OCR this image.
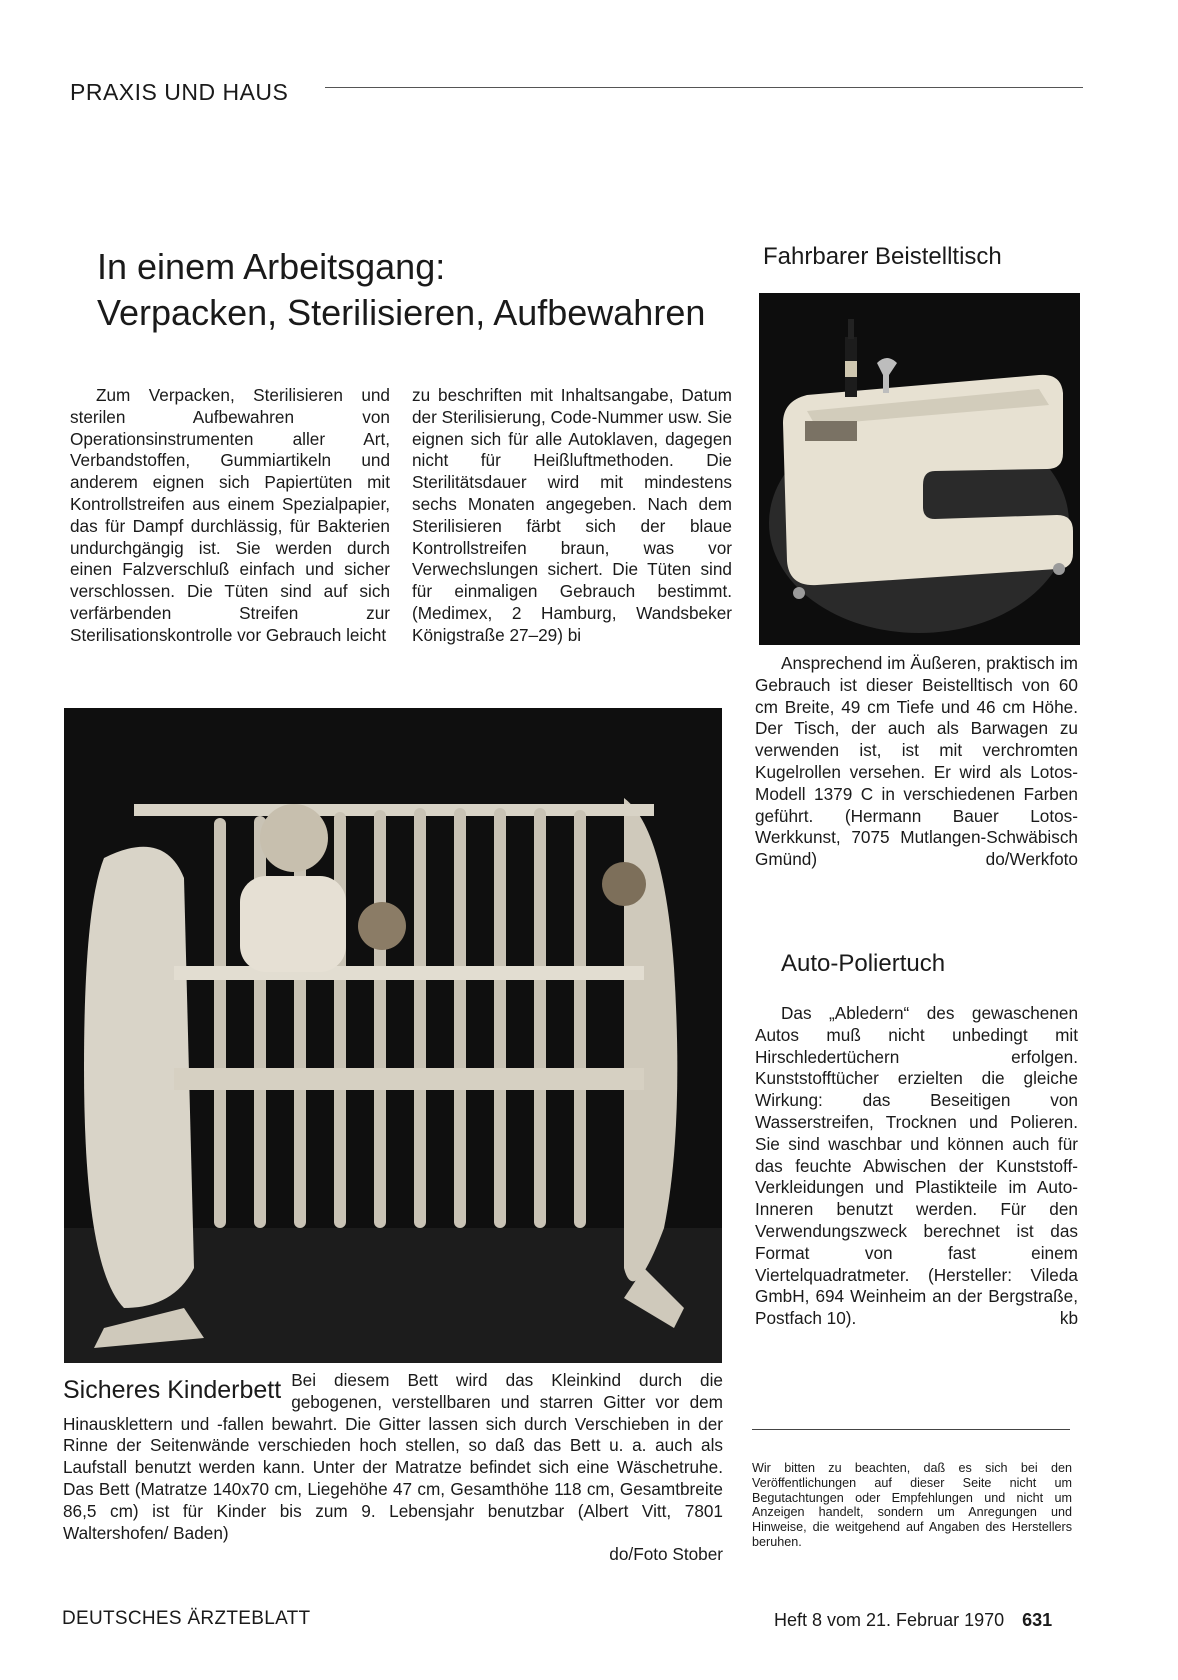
PRAXIS UND HAUS
In einem Arbeitsgang:
Verpacken, Sterilisieren, Aufbewahren
Zum Verpacken, Sterilisieren und sterilen Aufbewahren von Operationsinstrumenten aller Art, Verbandstoffen, Gummiartikeln und anderem eignen sich Papiertüten mit Kontrollstreifen aus einem Spezialpapier, das für Dampf durchlässig, für Bakterien undurchgängig ist. Sie werden durch einen Falzverschluß einfach und sicher verschlossen. Die Tüten sind auf sich verfärbenden Streifen zur Sterilisationskontrolle vor Gebrauch leicht
zu beschriften mit Inhaltsangabe, Datum der Sterilisierung, Code-Nummer usw. Sie eignen sich für alle Autoklaven, dagegen nicht für Heißluftmethoden. Die Sterilitätsdauer wird mit mindestens sechs Monaten angegeben. Nach dem Sterilisieren färbt sich der blaue Kontrollstreifen braun, was vor Verwechslungen sichert. Die Tüten sind für einmaligen Gebrauch bestimmt. (Medimex, 2 Hamburg, Wandsbeker Königstraße 27–29) bi
Fahrbarer Beistelltisch
Ansprechend im Äußeren, praktisch im Gebrauch ist dieser Beistelltisch von 60 cm Breite, 49 cm Tiefe und 46 cm Höhe. Der Tisch, der auch als Barwagen zu verwenden ist, ist mit verchromten Kugelrollen versehen. Er wird als Lotos-Modell 1379 C in verschiedenen Farben geführt. (Hermann Bauer Lotos-Werkkunst, 7075 Mutlangen-Schwäbisch Gmünd)	do/Werkfoto
Auto-Poliertuch
Das „Abledern“ des gewaschenen Autos muß nicht unbedingt mit Hirschledertüchern erfolgen. Kunststofftücher erzielten die gleiche Wirkung: das Beseitigen von Wasserstreifen, Trocknen und Polieren. Sie sind waschbar und können auch für das feuchte Abwischen der Kunststoff-Verkleidungen und Plastikteile im Auto-Inneren benutzt werden. Für den Verwendungszweck berechnet ist das Format von fast einem Viertelquadratmeter. (Hersteller: Vileda GmbH, 694 Weinheim an der Bergstraße, Postfach 10).	kb
Sicheres Kinderbett Bei diesem Bett wird das Kleinkind durch die gebogenen, verstellbaren und starren Gitter vor dem Hinausklettern und -fallen bewahrt. Die Gitter lassen sich durch Verschieben in der Rinne der Seitenwände verschieden hoch stellen, so daß das Bett u. a. auch als Laufstall benutzt werden kann. Unter der Matratze befindet sich eine Wäschetruhe. Das Bett (Matratze 140x70 cm, Liegehöhe 47 cm, Gesamthöhe 118 cm, Gesamtbreite 86,5 cm) ist für Kinder bis zum 9. Lebensjahr benutzbar (Albert Vitt, 7801 Waltershofen/ Baden)
do/Foto Stober
Wir bitten zu beachten, daß es sich bei den Veröffentlichungen auf dieser Seite nicht um Begutachtungen oder Empfehlungen und nicht um Anzeigen handelt, sondern um Anregungen und Hinweise, die weitgehend auf Angaben des Herstellers beruhen.
DEUTSCHES ÄRZTEBLATT	Heft 8 vom 21. Februar 1970 631
